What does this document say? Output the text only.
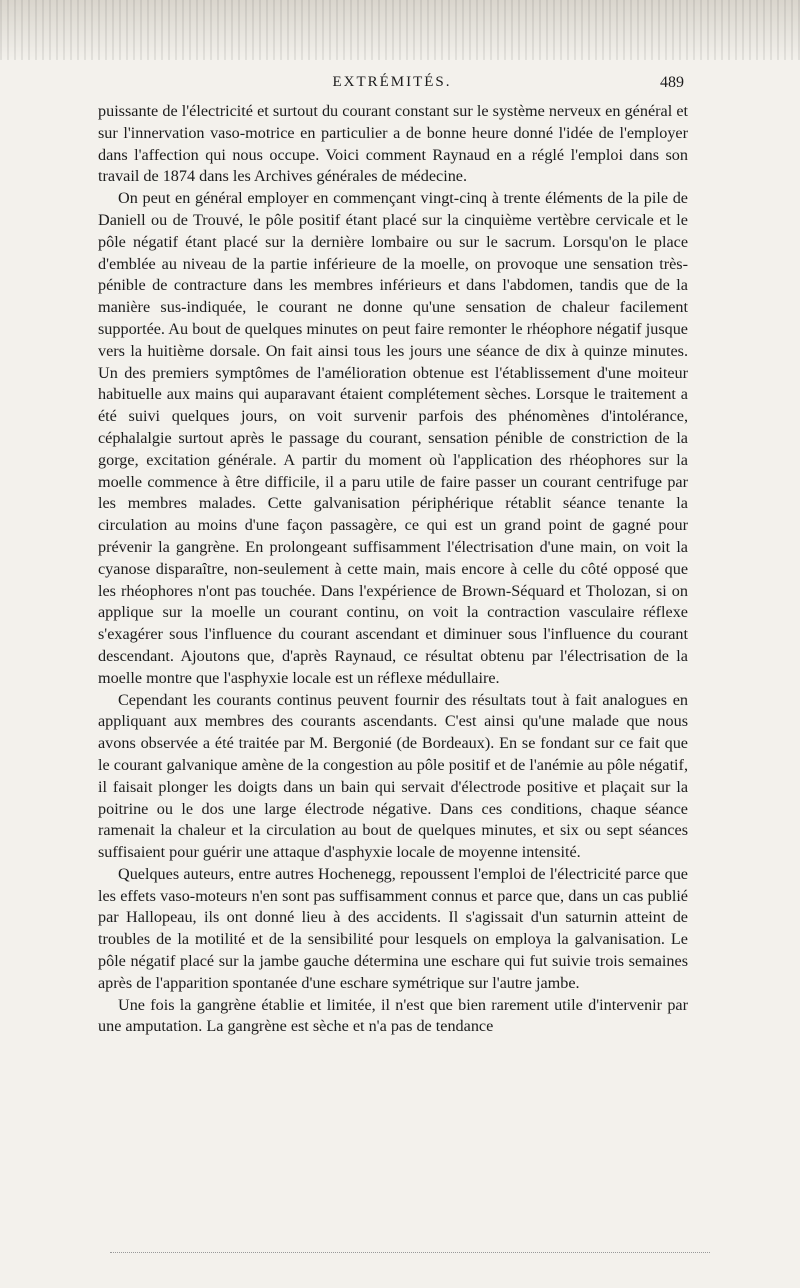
EXTRÉMITÉS.	489

puissante de l'électricité et surtout du courant constant sur le système nerveux en général et sur l'innervation vaso-motrice en particulier a de bonne heure donné l'idée de l'employer dans l'affection qui nous occupe. Voici comment Raynaud en a réglé l'emploi dans son travail de 1874 dans les Archives générales de médecine.

On peut en général employer en commençant vingt-cinq à trente éléments de la pile de Daniell ou de Trouvé, le pôle positif étant placé sur la cinquième vertèbre cervicale et le pôle négatif étant placé sur la dernière lombaire ou sur le sacrum. Lorsqu'on le place d'emblée au niveau de la partie inférieure de la moelle, on provoque une sensation très-pénible de contracture dans les membres inférieurs et dans l'abdomen, tandis que de la manière sus-indiquée, le courant ne donne qu'une sensation de chaleur facilement supportée. Au bout de quelques minutes on peut faire remonter le rhéophore négatif jusque vers la huitième dorsale. On fait ainsi tous les jours une séance de dix à quinze minutes. Un des premiers symptômes de l'amélioration obtenue est l'établissement d'une moiteur habituelle aux mains qui auparavant étaient complétement sèches. Lorsque le traitement a été suivi quelques jours, on voit survenir parfois des phénomènes d'intolérance, céphalalgie surtout après le passage du courant, sensation pénible de constriction de la gorge, excitation générale. A partir du moment où l'application des rhéophores sur la moelle commence à être difficile, il a paru utile de faire passer un courant centrifuge par les membres malades. Cette galvanisation périphérique rétablit séance tenante la circulation au moins d'une façon passagère, ce qui est un grand point de gagné pour prévenir la gangrène. En prolongeant suffisamment l'électrisation d'une main, on voit la cyanose disparaître, non-seulement à cette main, mais encore à celle du côté opposé que les rhéophores n'ont pas touchée. Dans l'expérience de Brown-Séquard et Tholozan, si on applique sur la moelle un courant continu, on voit la contraction vasculaire réflexe s'exagérer sous l'influence du courant ascendant et diminuer sous l'influence du courant descendant. Ajoutons que, d'après Raynaud, ce résultat obtenu par l'électrisation de la moelle montre que l'asphyxie locale est un réflexe médullaire.

Cependant les courants continus peuvent fournir des résultats tout à fait analogues en appliquant aux membres des courants ascendants. C'est ainsi qu'une malade que nous avons observée a été traitée par M. Bergonié (de Bordeaux). En se fondant sur ce fait que le courant galvanique amène de la congestion au pôle positif et de l'anémie au pôle négatif, il faisait plonger les doigts dans un bain qui servait d'électrode positive et plaçait sur la poitrine ou le dos une large électrode négative. Dans ces conditions, chaque séance ramenait la chaleur et la circulation au bout de quelques minutes, et six ou sept séances suffisaient pour guérir une attaque d'asphyxie locale de moyenne intensité.

Quelques auteurs, entre autres Hochenegg, repoussent l'emploi de l'électricité parce que les effets vaso-moteurs n'en sont pas suffisamment connus et parce que, dans un cas publié par Hallopeau, ils ont donné lieu à des accidents. Il s'agissait d'un saturnin atteint de troubles de la motilité et de la sensibilité pour lesquels on employa la galvanisation. Le pôle négatif placé sur la jambe gauche détermina une eschare qui fut suivie trois semaines après de l'apparition spontanée d'une eschare symétrique sur l'autre jambe.

Une fois la gangrène établie et limitée, il n'est que bien rarement utile d'intervenir par une amputation. La gangrène est sèche et n'a pas de tendance
